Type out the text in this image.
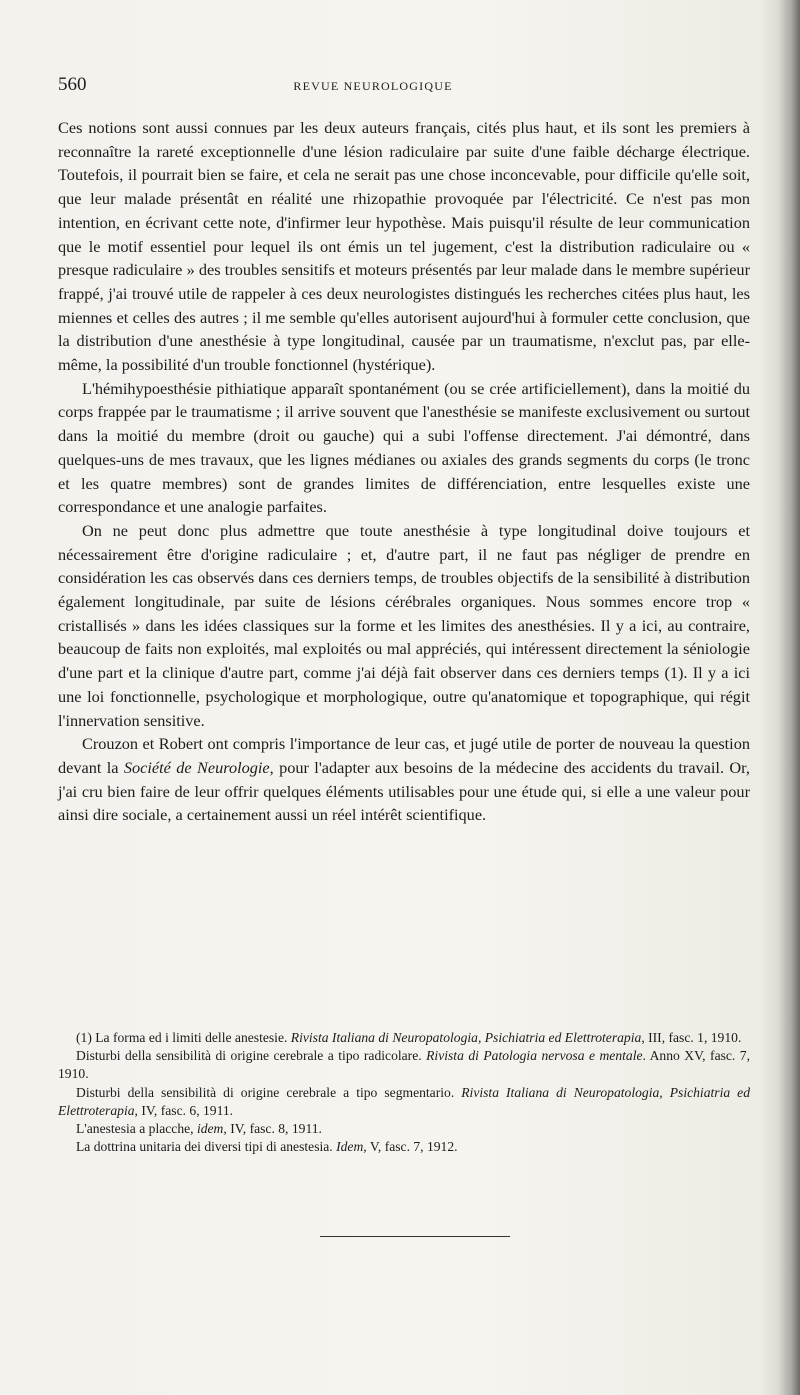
560	REVUE NEUROLOGIQUE

Ces notions sont aussi connues par les deux auteurs français, cités plus haut, et ils sont les premiers à reconnaître la rareté exceptionnelle d'une lésion radiculaire par suite d'une faible décharge électrique. Toutefois, il pourrait bien se faire, et cela ne serait pas une chose inconcevable, pour difficile qu'elle soit, que leur malade présentât en réalité une rhizopathie provoquée par l'électricité. Ce n'est pas mon intention, en écrivant cette note, d'infirmer leur hypothèse. Mais puisqu'il résulte de leur communication que le motif essentiel pour lequel ils ont émis un tel jugement, c'est la distribution radiculaire ou « presque radiculaire » des troubles sensitifs et moteurs présentés par leur malade dans le membre supérieur frappé, j'ai trouvé utile de rappeler à ces deux neurologistes distingués les recherches citées plus haut, les miennes et celles des autres ; il me semble qu'elles autorisent aujourd'hui à formuler cette conclusion, que la distribution d'une anesthésie à type longitudinal, causée par un traumatisme, n'exclut pas, par elle-même, la possibilité d'un trouble fonctionnel (hystérique).

L'hémihypoesthésie pithiatique apparaît spontanément (ou se crée artificiellement), dans la moitié du corps frappée par le traumatisme ; il arrive souvent que l'anesthésie se manifeste exclusivement ou surtout dans la moitié du membre (droit ou gauche) qui a subi l'offense directement. J'ai démontré, dans quelques-uns de mes travaux, que les lignes médianes ou axiales des grands segments du corps (le tronc et les quatre membres) sont de grandes limites de différenciation, entre lesquelles existe une correspondance et une analogie parfaites.

On ne peut donc plus admettre que toute anesthésie à type longitudinal doive toujours et nécessairement être d'origine radiculaire ; et, d'autre part, il ne faut pas négliger de prendre en considération les cas observés dans ces derniers temps, de troubles objectifs de la sensibilité à distribution également longitudinale, par suite de lésions cérébrales organiques. Nous sommes encore trop « cristallisés » dans les idées classiques sur la forme et les limites des anesthésies. Il y a ici, au contraire, beaucoup de faits non exploités, mal exploités ou mal appréciés, qui intéressent directement la séniologie d'une part et la clinique d'autre part, comme j'ai déjà fait observer dans ces derniers temps (1). Il y a ici une loi fonctionnelle, psychologique et morphologique, outre qu'anatomique et topographique, qui régit l'innervation sensitive.

Crouzon et Robert ont compris l'importance de leur cas, et jugé utile de porter de nouveau la question devant la Société de Neurologie, pour l'adapter aux besoins de la médecine des accidents du travail. Or, j'ai cru bien faire de leur offrir quelques éléments utilisables pour une étude qui, si elle a une valeur pour ainsi dire sociale, a certainement aussi un réel intérêt scientifique.

(1) La forma ed i limiti delle anestesie. Rivista Italiana di Neuropatologia, Psichiatria ed Elettroterapia, III, fasc. 1, 1910.

Disturbi della sensibilità di origine cerebrale a tipo radicolare. Rivista di Patologia nervosa e mentale. Anno XV, fasc. 7, 1910.

Disturbi della sensibilità di origine cerebrale a tipo segmentario. Rivista Italiana di Neuropatologia, Psichiatria ed Elettroterapia, IV, fasc. 6, 1911.

L'anestesia a placche, idem, IV, fasc. 8, 1911.

La dottrina unitaria dei diversi tipi di anestesia. Idem, V, fasc. 7, 1912.
